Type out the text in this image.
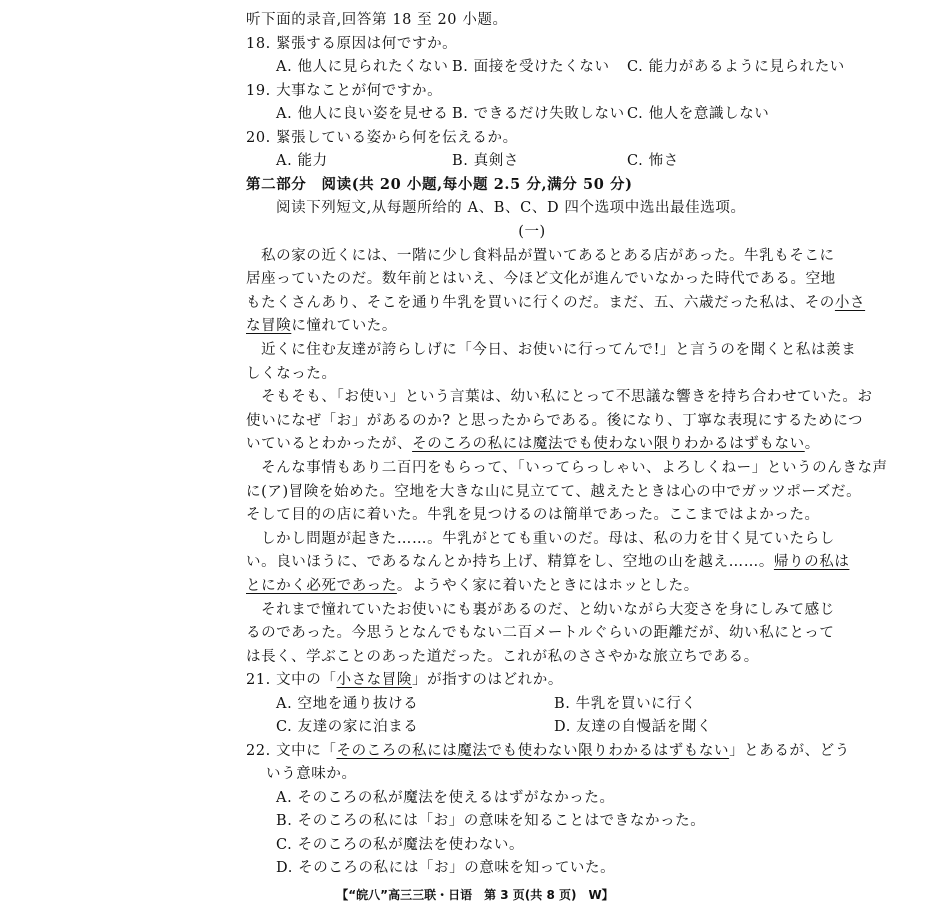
听下面的录音,回答第 18 至 20 小题。
18. 緊張する原因は何ですか。
A. 他人に見られたくない B. 面接を受けたくない C. 能力があるように見られたい
19. 大事なことが何ですか。
A. 他人に良い姿を見せる B. できるだけ失敗しない C. 他人を意識しない
20. 緊張している姿から何を伝えるか。
A. 能力	B. 真剣さ	C. 怖さ
第二部分　阅读(共 20 小题,每小题 2.5 分,满分 50 分)
阅读下列短文,从每题所给的 A、B、C、D 四个选项中选出最佳选项。
(一)
私の家の近くには、一階に少し食料品が置いてあるとある店があった。牛乳もそこに
居座っていたのだ。数年前とはいえ、今ほど文化が進んでいなかった時代である。空地
もたくさんあり、そこを通り牛乳を買いに行くのだ。まだ、五、六歳だった私は、その小さ
な冒険に憧れていた。
近くに住む友達が誇らしげに「今日、お使いに行ってんで!」と言うのを聞くと私は羨ま
しくなった。
そもそも、「お使い」という言葉は、幼い私にとって不思議な響きを持ち合わせていた。お
使いになぜ「お」があるのか? と思ったからである。後になり、丁寧な表現にするためにつ
いているとわかったが、そのころの私には魔法でも使わない限りわかるはずもない。
そんな事情もあり二百円をもらって、「いってらっしゃい、よろしくねー」というのんきな声
に(ア)冒険を始めた。空地を大きな山に見立てて、越えたときは心の中でガッツポーズだ。
そして目的の店に着いた。牛乳を見つけるのは簡単であった。ここまではよかった。
しかし問題が起きた……。牛乳がとても重いのだ。母は、私の力を甘く見ていたらし
い。良いほうに、であるなんとか持ち上げ、精算をし、空地の山を越え……。帰りの私は
とにかく必死であった。ようやく家に着いたときにはホッとした。
それまで憧れていたお使いにも裏があるのだ、と幼いながら大変さを身にしみて感じ
るのであった。今思うとなんでもない二百メートルぐらいの距離だが、幼い私にとって
は長く、学ぶことのあった道だった。これが私のささやかな旅立ちである。
21. 文中の「小さな冒険」が指すのはどれか。
A. 空地を通り抜ける	B. 牛乳を買いに行く
C. 友達の家に泊まる	D. 友達の自慢話を聞く
22. 文中に「そのころの私には魔法でも使わない限りわかるはずもない」とあるが、どう
いう意味か。
A. そのころの私が魔法を使えるはずがなかった。
B. そのころの私には「お」の意味を知ることはできなかった。
C. そのころの私が魔法を使わない。
D. そのころの私には「お」の意味を知っていた。
【“皖八”高三三联・日语　第 3 页(共 8 页)　W】
